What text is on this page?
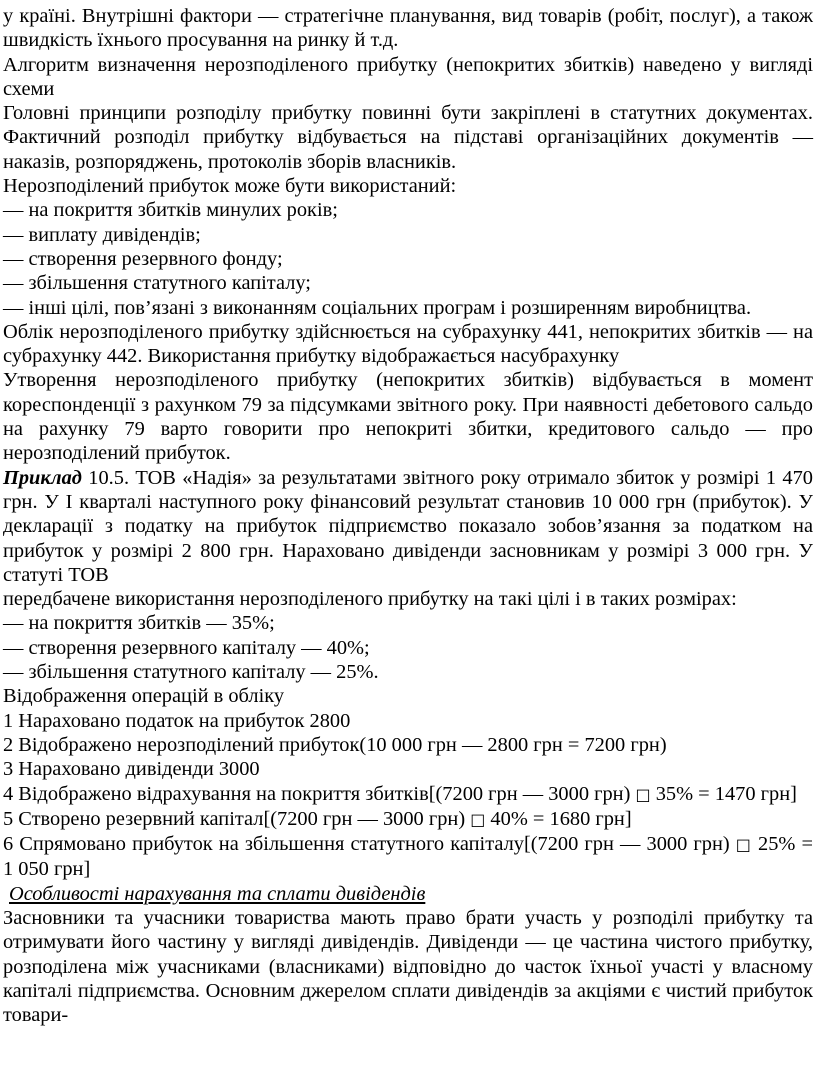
у країні. Внутрішні фактори — стратегічне планування, вид товарів (робіт, послуг), а також швидкість їхнього просування на ринку й т.д.

Алгоритм визначення нерозподіленого прибутку (непокритих збитків) наведено у вигляді схеми

Головні принципи розподілу прибутку повинні бути закріплені в статутних документах. Фактичний розподіл прибутку відбувається на підставі організаційних документів — наказів, розпоряджень, протоколів зборів власників.

Нерозподілений прибуток може бути використаний:

— на покриття збитків минулих років;

— виплату дивідендів;

— створення резервного фонду;

— збільшення статутного капіталу;

— інші цілі, пов’язані з виконанням соціальних програм і розширенням виробництва.

Облік нерозподіленого прибутку здійснюється на субрахунку 441, непокритих збитків — на субрахунку 442. Використання прибутку відображається насубрахунку

Утворення нерозподіленого прибутку (непокритих збитків) відбувається в момент кореспонденції з рахунком 79 за підсумками звітного року. При наявності дебетового сальдо на рахунку 79 варто говорити про непокриті збитки, кредитового сальдо — про нерозподілений прибуток.

Приклад 10.5. ТОВ «Надія» за результатами звітного року отримало збиток у розмірі 1 470 грн. У І кварталі наступного року фінансовий результат становив 10 000 грн (прибуток). У декларації з податку на прибуток підприємство показало зобов’язання за податком на прибуток у розмірі 2 800 грн. Нараховано дивіденди засновникам у розмірі 3 000 грн. У статуті ТОВ

передбачене використання нерозподіленого прибутку на такі цілі і в таких розмірах:

— на покриття збитків — 35%;

— створення резервного капіталу — 40%;

— збільшення статутного капіталу — 25%.

Відображення операцій в обліку

1 Нараховано податок на прибуток 2800

2 Відображено нерозподілений прибуток(10 000 грн — 2800 грн = 7200 грн)

3 Нараховано дивіденди 3000

4 Відображено відрахування на покриття збитків[(7200 грн — 3000 грн) □ 35% = 1470 грн]

5 Створено резервний капітал[(7200 грн — 3000 грн) □ 40% = 1680 грн]

6 Спрямовано прибуток на збільшення статутного капіталу[(7200 грн — 3000 грн) □ 25% = 1 050 грн]

Особливості нарахування та сплати дивідендів

Засновники та учасники товариства мають право брати участь у розподілі прибутку та отримувати його частину у вигляді дивідендів. Дивіденди — це частина чистого прибутку, розподілена між учасниками (власниками) відповідно до часток їхньої участі у власному капіталі підприємства. Основним джерелом сплати дивідендів за акціями є чистий прибуток товари-
